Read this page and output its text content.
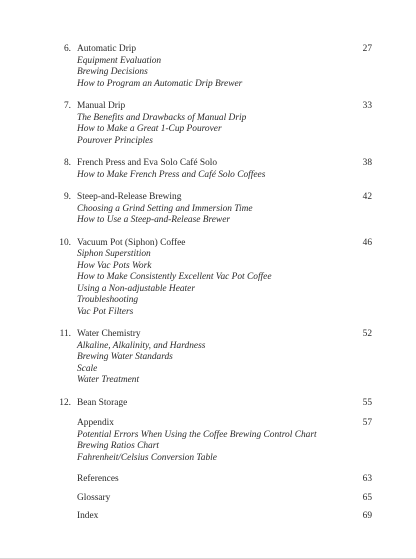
6. Automatic Drip	27
Equipment Evaluation
Brewing Decisions
How to Program an Automatic Drip Brewer
7. Manual Drip	33
The Benefits and Drawbacks of Manual Drip
How to Make a Great 1-Cup Pourover
Pourover Principles
8. French Press and Eva Solo Café Solo	38
How to Make French Press and Café Solo Coffees
9. Steep-and-Release Brewing	42
Choosing a Grind Setting and Immersion Time
How to Use a Steep-and-Release Brewer
10. Vacuum Pot (Siphon) Coffee	46
Siphon Superstition
How Vac Pots Work
How to Make Consistently Excellent Vac Pot Coffee
Using a Non-adjustable Heater
Troubleshooting
Vac Pot Filters
11. Water Chemistry	52
Alkaline, Alkalinity, and Hardness
Brewing Water Standards
Scale
Water Treatment
12. Bean Storage	55
Appendix	57
Potential Errors When Using the Coffee Brewing Control Chart
Brewing Ratios Chart
Fahrenheit/Celsius Conversion Table
References	63
Glossary	65
Index	69
